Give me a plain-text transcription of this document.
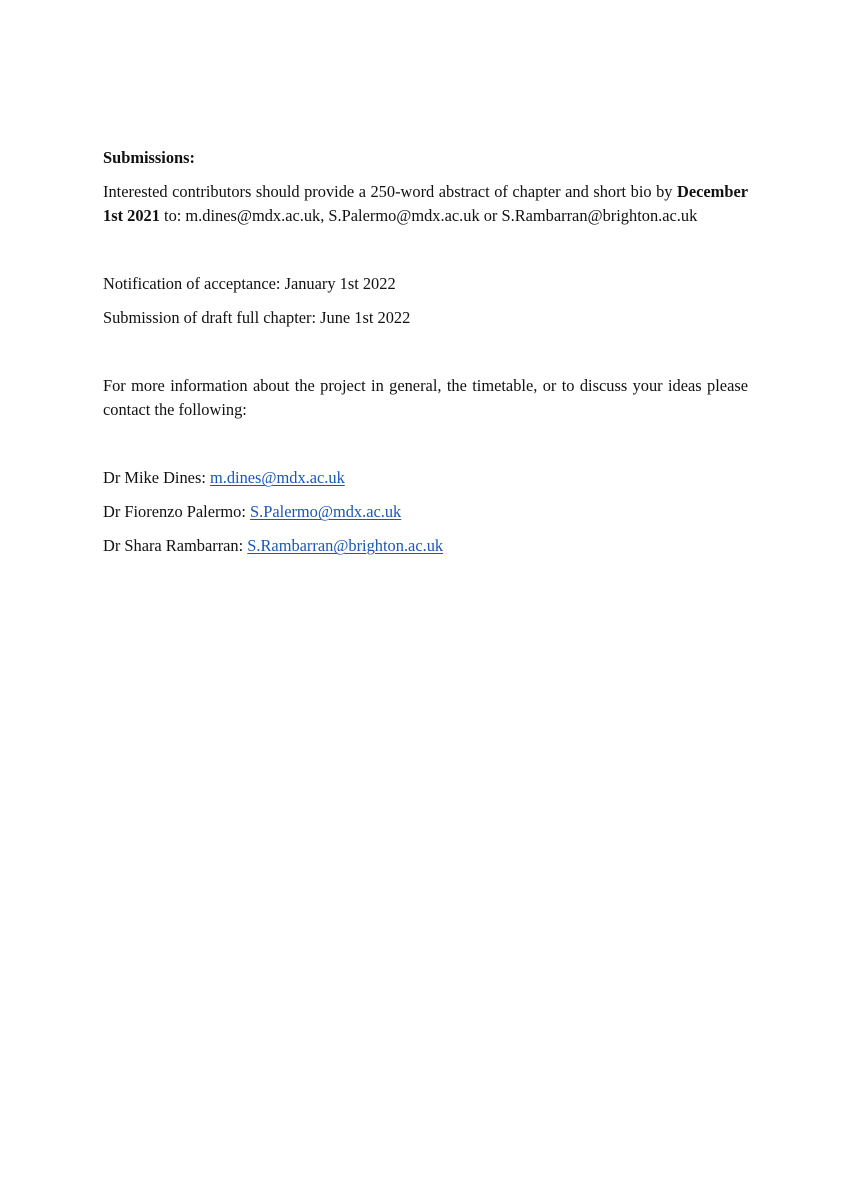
Submissions:

Interested contributors should provide a 250-word abstract of chapter and short bio by December 1st 2021 to: m.dines@mdx.ac.uk, S.Palermo@mdx.ac.uk or S.Rambarran@brighton.ac.uk

Notification of acceptance: January 1st 2022

Submission of draft full chapter: June 1st 2022

For more information about the project in general, the timetable, or to discuss your ideas please contact the following:

Dr Mike Dines: m.dines@mdx.ac.uk

Dr Fiorenzo Palermo: S.Palermo@mdx.ac.uk

Dr Shara Rambarran: S.Rambarran@brighton.ac.uk
